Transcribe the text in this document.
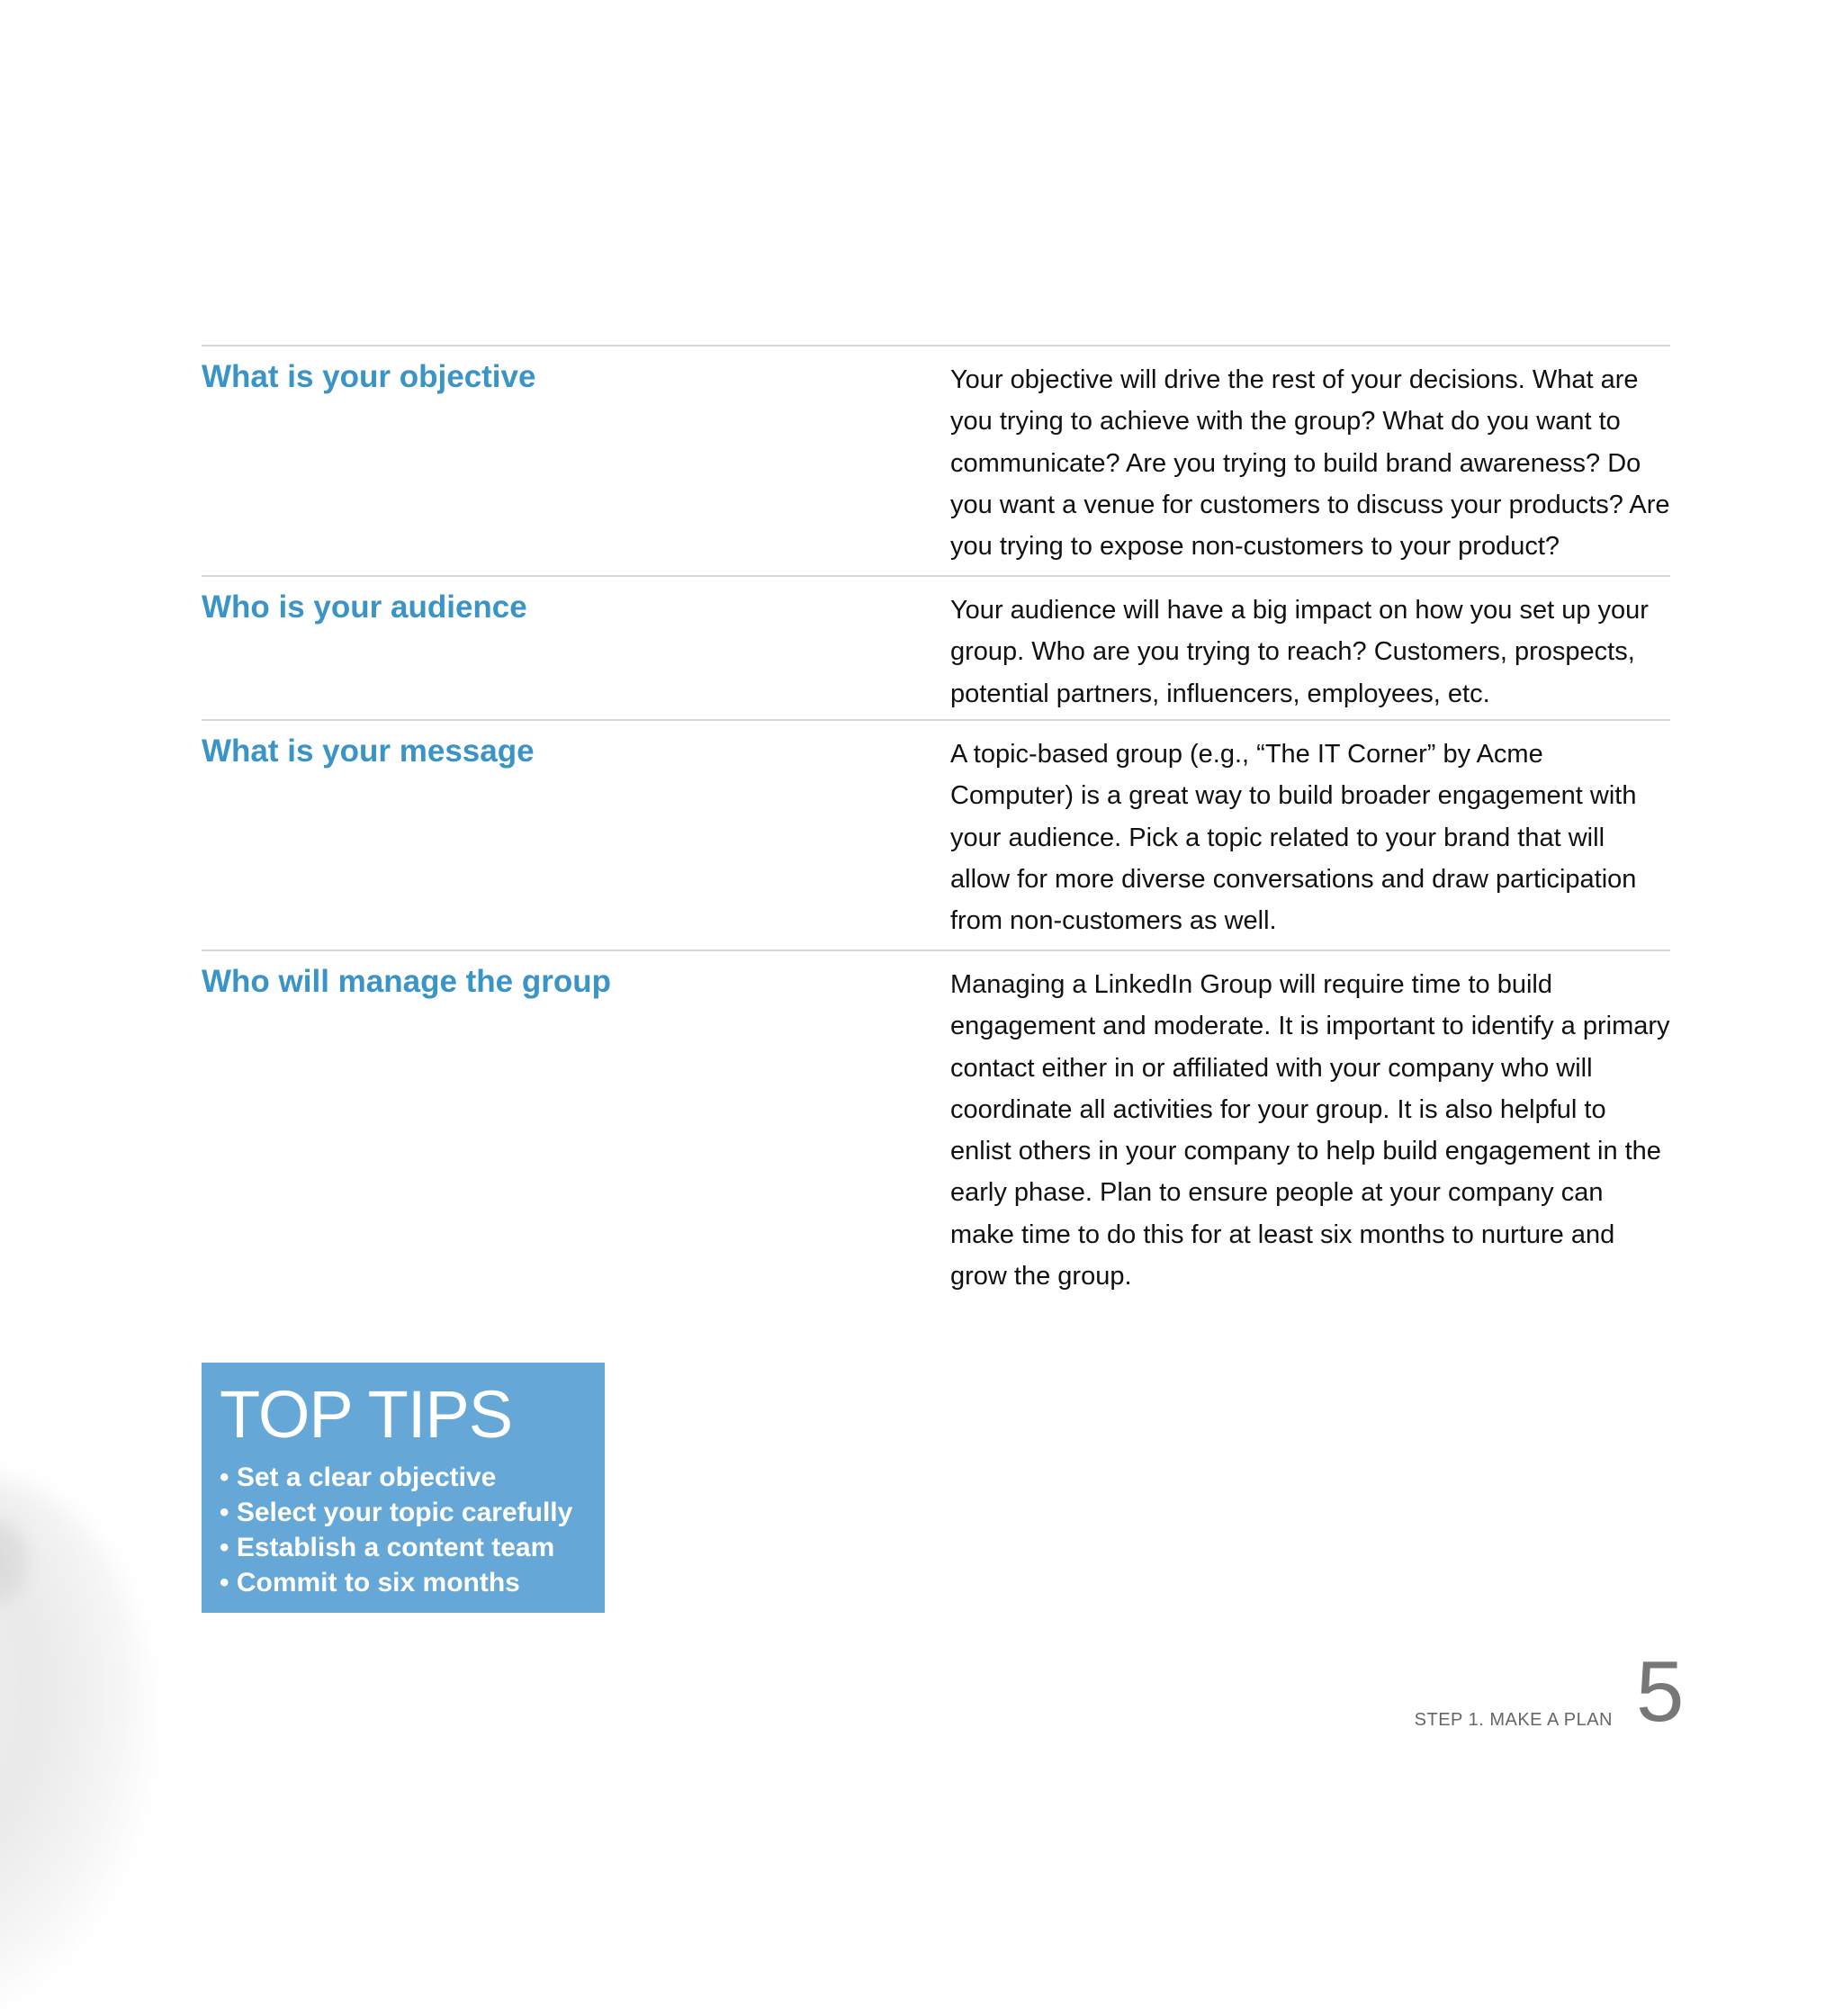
What is your objective	Your objective will drive the rest of your decisions. What are you trying to achieve with the group? What do you want to communicate? Are you trying to build brand awareness? Do you want a venue for customers to discuss your products? Are you trying to expose non-customers to your product?
Who is your audience	Your audience will have a big impact on how you set up your group. Who are you trying to reach? Customers, prospects, potential partners, influencers, employees, etc.
What is your message	A topic-based group (e.g., “The IT Corner” by Acme Computer) is a great way to build broader engagement with your audience. Pick a topic related to your brand that will allow for more diverse conversations and draw participation from non-customers as well.
Who will manage the group	Managing a LinkedIn Group will require time to build engagement and moderate. It is important to identify a primary contact either in or affiliated with your company who will coordinate all activities for your group. It is also helpful to enlist others in your company to help build engagement in the early phase. Plan to ensure people at your company can make time to do this for at least six months to nurture and grow the group.
TOP TIPS
• Set a clear objective
• Select your topic carefully
• Establish a content team
• Commit to six months
STEP 1. MAKE A PLAN 5
